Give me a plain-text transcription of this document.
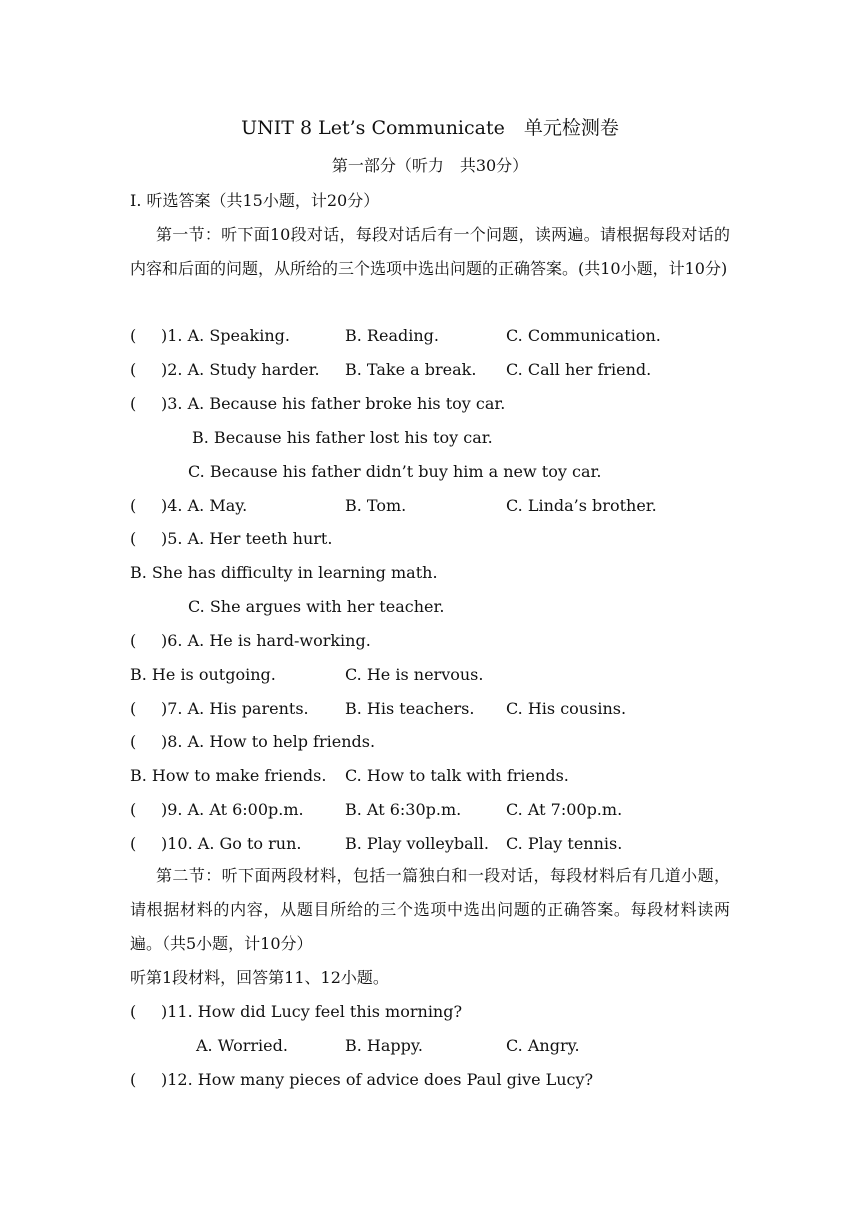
UNIT 8 Let’s Communicate　单元检测卷
第一部分（听力　共30分）
I. 听选答案（共15小题，计20分）
第一节：听下面10段对话，每段对话后有一个问题，读两遍。请根据每段对话的内容和后面的问题，从所给的三个选项中选出问题的正确答案。(共10小题，计10分)
( )1. A. Speaking.	B. Reading.	C. Communication.
( )2. A. Study harder. B. Take a break. C. Call her friend.
( )3. A. Because his father broke his toy car.
B. Because his father lost his toy car.
C. Because his father didn’t buy him a new toy car.
( )4. A. May.	B. Tom.	C. Linda’s brother.
( )5. A. Her teeth hurt.
B. She has difficulty in learning math.
C. She argues with her teacher.
( )6. A. He is hard-working.
B. He is outgoing.	C. He is nervous.
( )7. A. His parents. B. His teachers. C. His cousins.
( )8. A. How to help friends.
B. How to make friends. C. How to talk with friends.
( )9. A. At 6:00p.m.	B. At 6:30p.m.	C. At 7:00p.m.
( )10. A. Go to run.	B. Play volleyball. C. Play tennis.
第二节：听下面两段材料，包括一篇独白和一段对话，每段材料后有几道小题，请根据材料的内容，从题目所给的三个选项中选出问题的正确答案。每段材料读两遍。（共5小题，计10分）
听第1段材料，回答第11、12小题。
( )11. How did Lucy feel this morning?
A. Worried.	B. Happy.	C. Angry.
( )12. How many pieces of advice does Paul give Lucy?
